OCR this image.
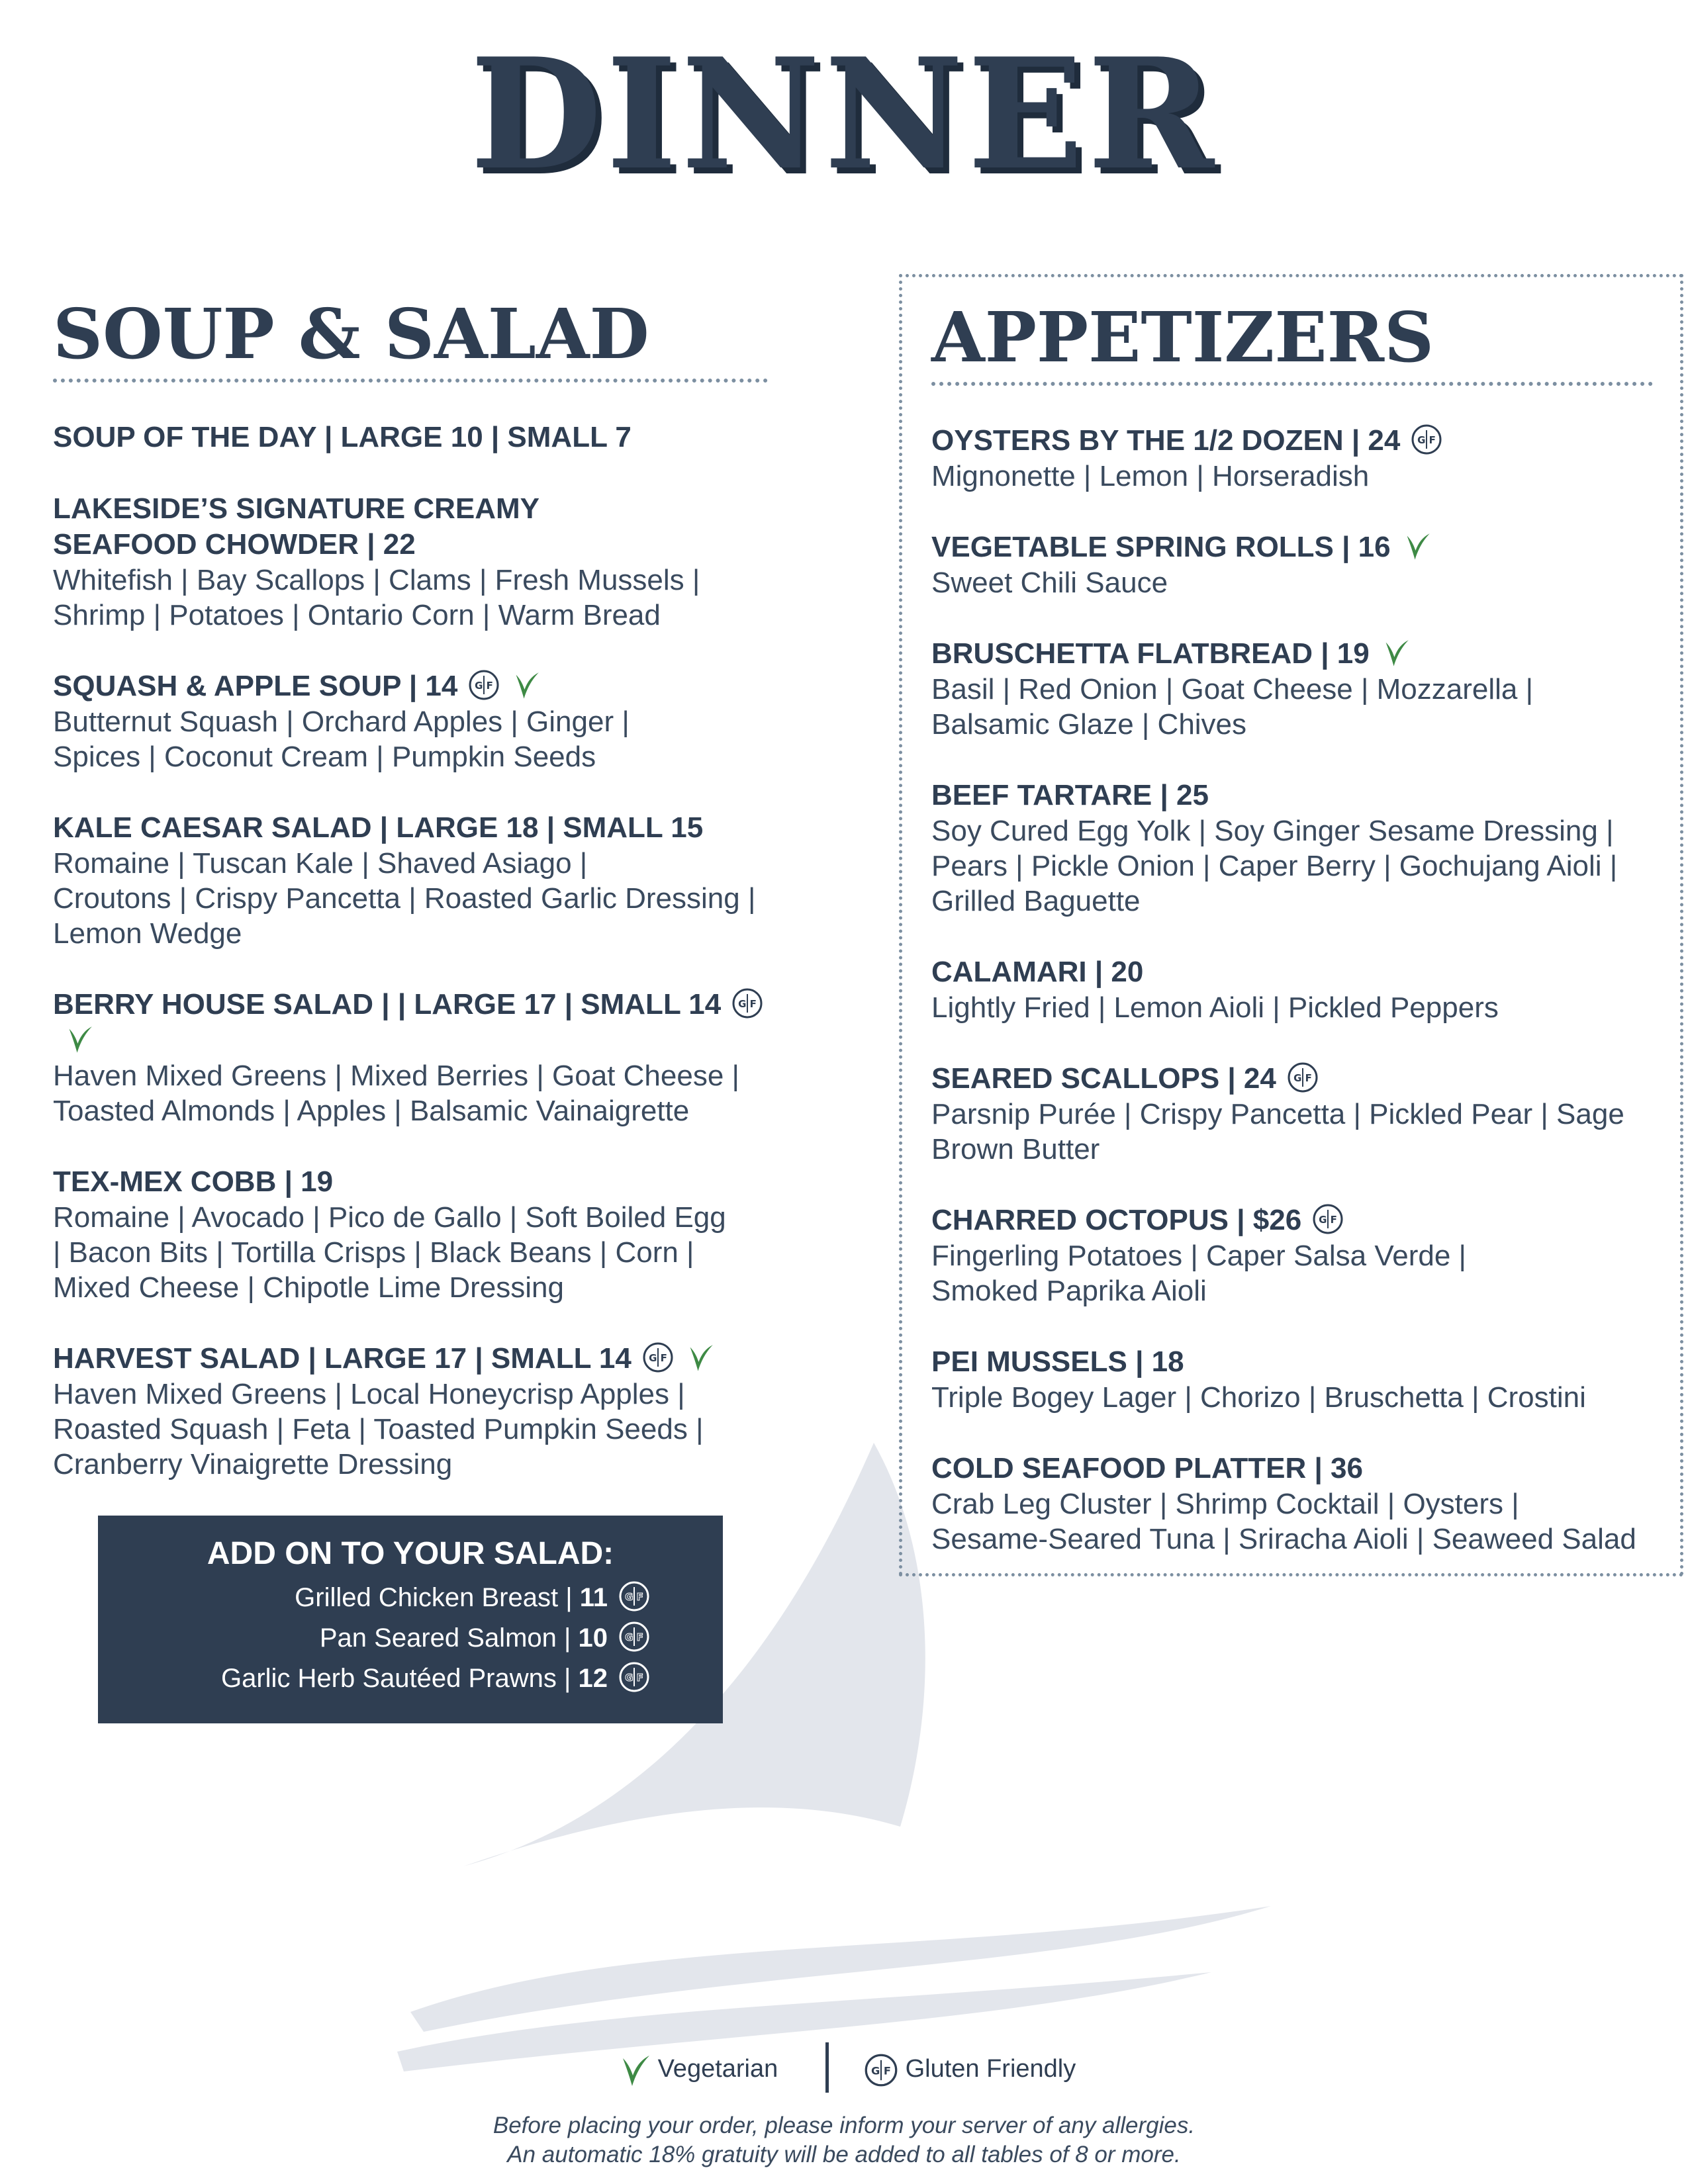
DINNER
SOUP & SALAD
SOUP OF THE DAY | LARGE 10 | SMALL 7
LAKESIDE’S SIGNATURE CREAMY
SEAFOOD CHOWDER | 22
Whitefish | Bay Scallops | Clams | Fresh Mussels |
Shrimp | Potatoes | Ontario Corn | Warm Bread
SQUASH & APPLE SOUP | 14 G F
Butternut Squash | Orchard Apples | Ginger |
Spices | Coconut Cream | Pumpkin Seeds
KALE CAESAR SALAD | LARGE 18 | SMALL 15
Romaine | Tuscan Kale | Shaved Asiago |
Croutons | Crispy Pancetta | Roasted Garlic Dressing |
Lemon Wedge
BERRY HOUSE SALAD | | LARGE 17 | SMALL 14 G F
Haven Mixed Greens | Mixed Berries | Goat Cheese |
Toasted Almonds | Apples | Balsamic Vainaigrette
TEX-MEX COBB | 19
Romaine | Avocado | Pico de Gallo | Soft Boiled Egg
| Bacon Bits | Tortilla Crisps | Black Beans | Corn |
Mixed Cheese | Chipotle Lime Dressing
HARVEST SALAD | LARGE 17 | SMALL 14 G F
Haven Mixed Greens | Local Honeycrisp Apples |
Roasted Squash | Feta | Toasted Pumpkin Seeds |
Cranberry Vinaigrette Dressing
APPETIZERS
OYSTERS BY THE 1/2 DOZEN | 24 G F
Mignonette | Lemon | Horseradish
VEGETABLE SPRING ROLLS | 16
Sweet Chili Sauce
BRUSCHETTA FLATBREAD | 19
Basil | Red Onion | Goat Cheese | Mozzarella |
Balsamic Glaze | Chives
BEEF TARTARE | 25
Soy Cured Egg Yolk | Soy Ginger Sesame Dressing |
Pears | Pickle Onion | Caper Berry | Gochujang Aioli |
Grilled Baguette
CALAMARI | 20
Lightly Fried | Lemon Aioli | Pickled Peppers
SEARED SCALLOPS | 24 G F
Parsnip Purée | Crispy Pancetta | Pickled Pear | Sage
Brown Butter
CHARRED OCTOPUS | $26 G F
Fingerling Potatoes | Caper Salsa Verde |
Smoked Paprika Aioli
PEI MUSSELS | 18
Triple Bogey Lager | Chorizo | Bruschetta | Crostini
COLD SEAFOOD PLATTER | 36
Crab Leg Cluster | Shrimp Cocktail | Oysters |
Sesame-Seared Tuna | Sriracha Aioli | Seaweed Salad
ADD ON TO YOUR SALAD:
Grilled Chicken Breast | 11 G F
Pan Seared Salmon | 10 G F
Garlic Herb Sautéed Prawns | 12 G F
Vegetarian	G F Gluten Friendly
Before placing your order, please inform your server of any allergies.
An automatic 18% gratuity will be added to all tables of 8 or more.
